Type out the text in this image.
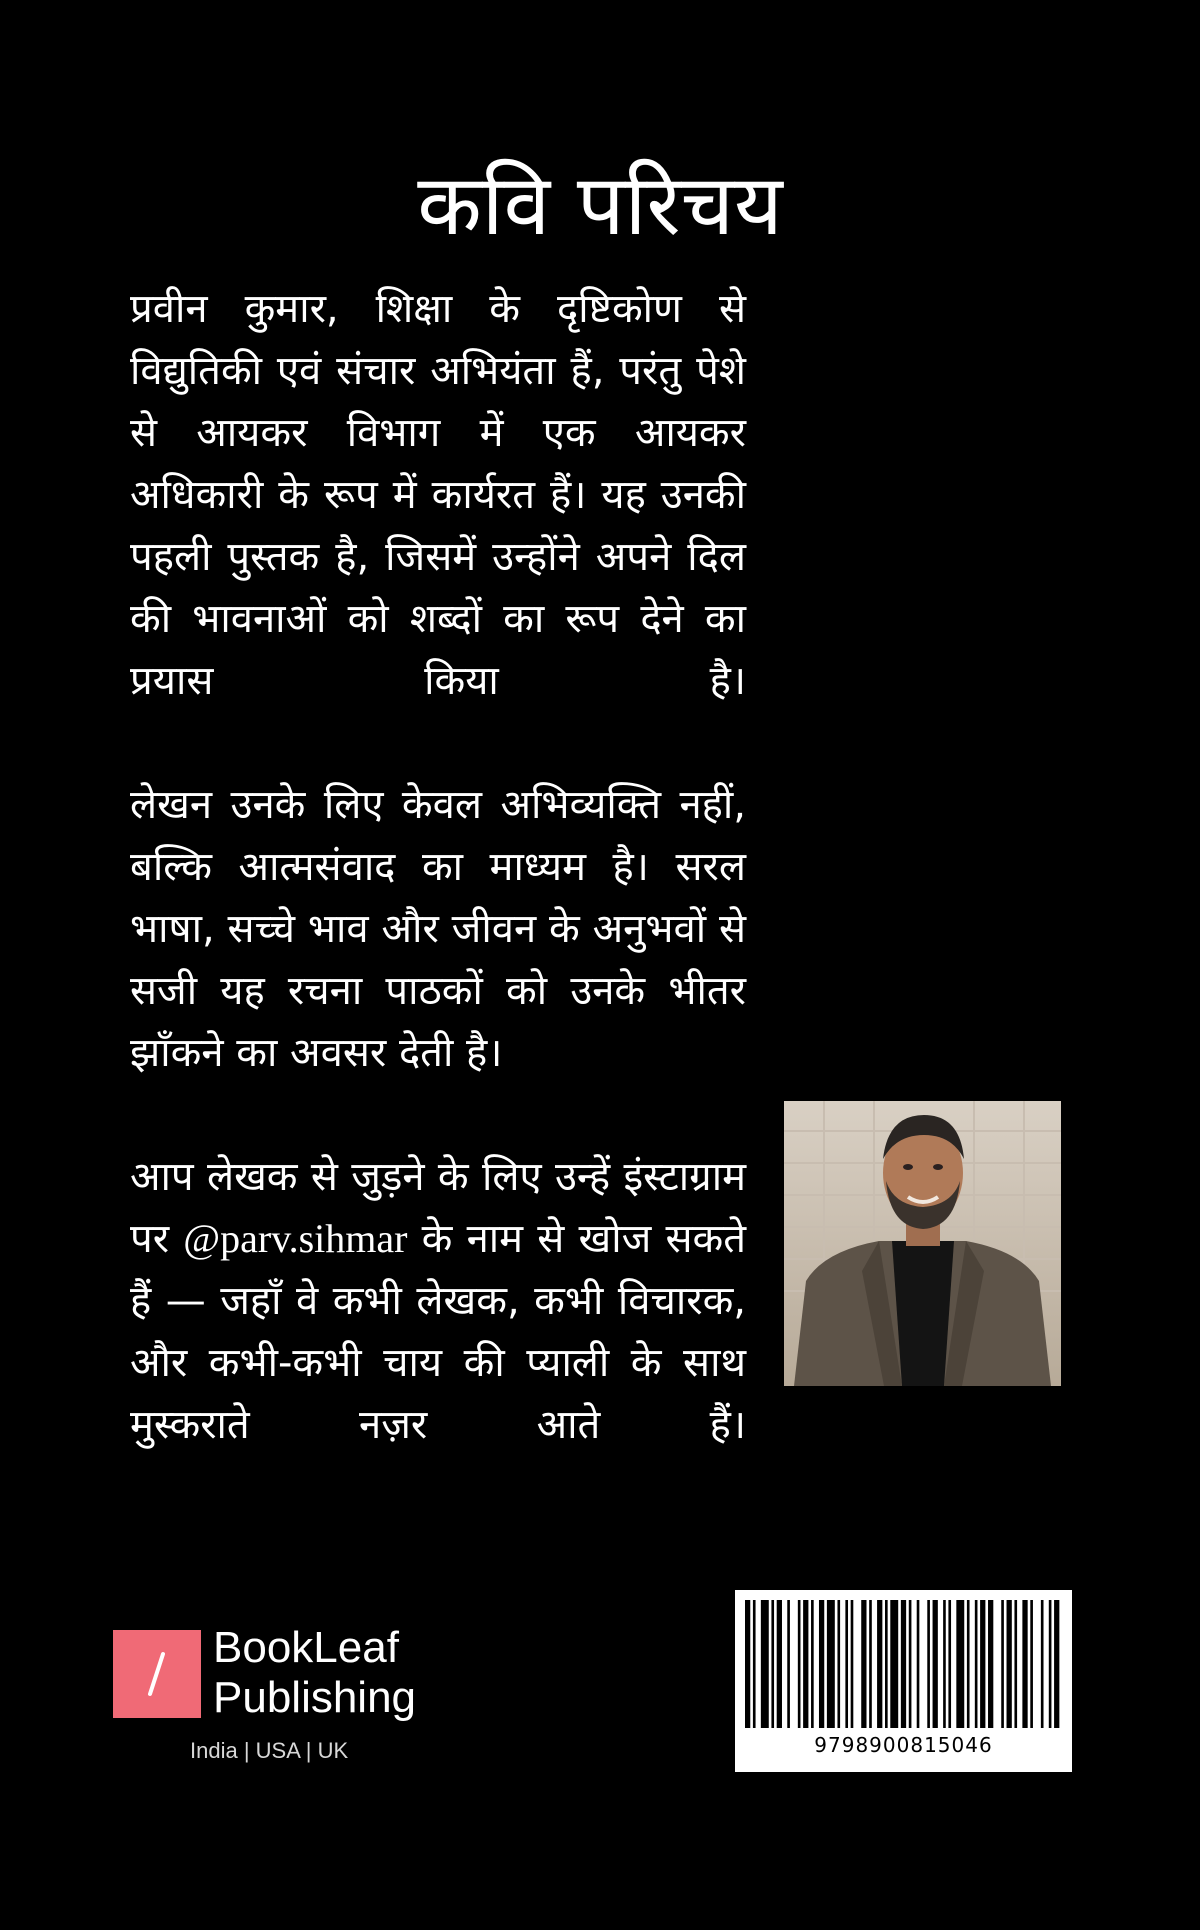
कवि परिचय

प्रवीन कुमार, शिक्षा के दृष्टिकोण से विद्युतिकी एवं संचार अभियंता हैं, परंतु पेशे से आयकर विभाग में एक आयकर अधिकारी के रूप में कार्यरत हैं। यह उनकी पहली पुस्तक है, जिसमें उन्होंने अपने दिल की भावनाओं को शब्दों का रूप देने का प्रयास किया है।

लेखन उनके लिए केवल अभिव्यक्ति नहीं, बल्कि आत्मसंवाद का माध्यम है। सरल भाषा, सच्चे भाव और जीवन के अनुभवों से सजी यह रचना पाठकों को उनके भीतर झाँकने का अवसर देती है।

आप लेखक से जुड़ने के लिए उन्हें इंस्टाग्राम पर @parv.sihmar के नाम से खोज सकते हैं — जहाँ वे कभी लेखक, कभी विचारक, और कभी-कभी चाय की प्याली के साथ मुस्कराते नज़र आते हैं।

9798900815046
BookLeaf
Publishing
India | USA | UK
